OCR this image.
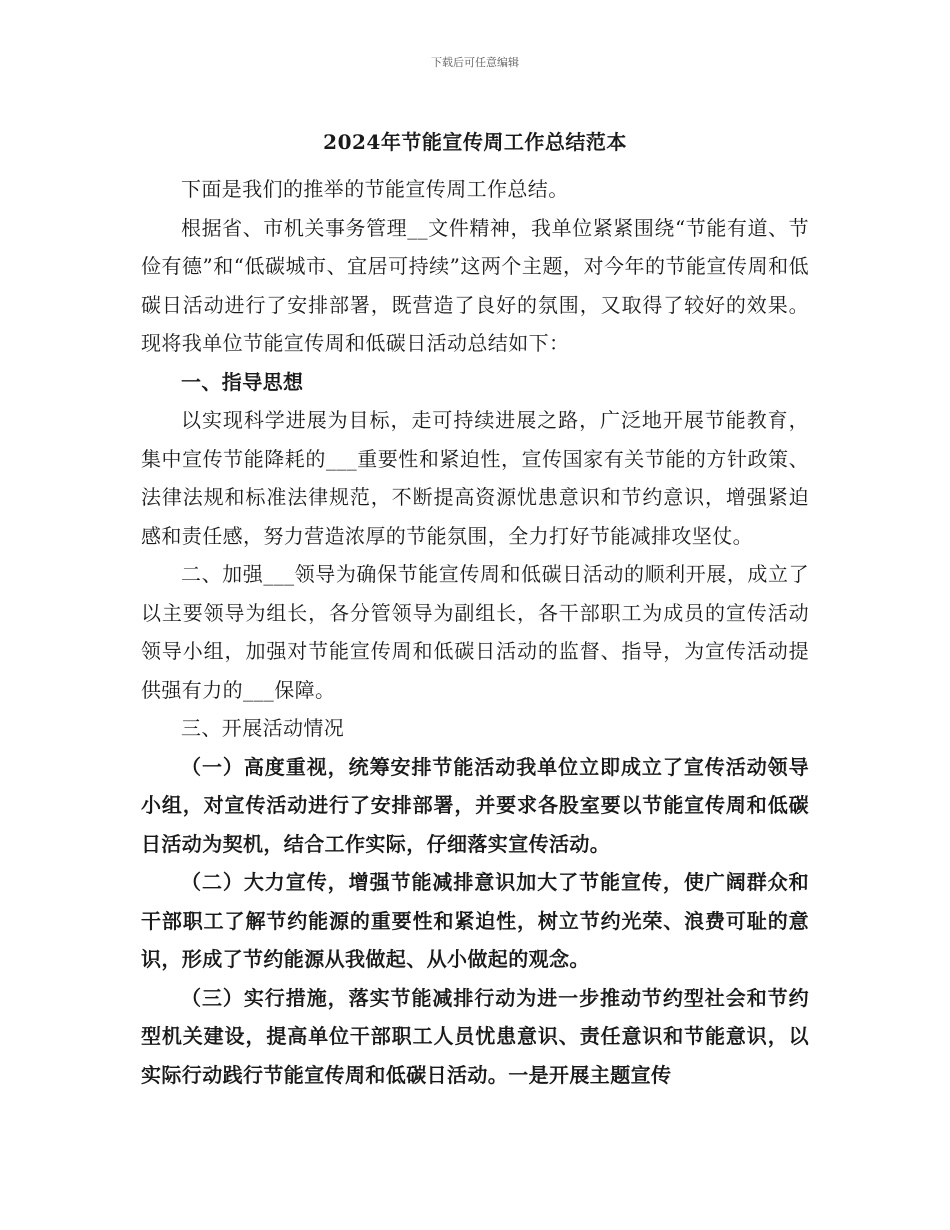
下载后可任意编辑
2024年节能宣传周工作总结范本

下面是我们的推举的节能宣传周工作总结。

根据省、市机关事务管理__文件精神，我单位紧紧围绕“节能有道、节俭有德”和“低碳城市、宜居可持续”这两个主题，对今年的节能宣传周和低碳日活动进行了安排部署，既营造了良好的氛围，又取得了较好的效果。现将我单位节能宣传周和低碳日活动总结如下：

一、指导思想

以实现科学进展为目标，走可持续进展之路，广泛地开展节能教育，集中宣传节能降耗的___重要性和紧迫性，宣传国家有关节能的方针政策、法律法规和标准法律规范，不断提高资源忧患意识和节约意识，增强紧迫感和责任感，努力营造浓厚的节能氛围，全力打好节能减排攻坚仗。

二、加强___领导为确保节能宣传周和低碳日活动的顺利开展，成立了以主要领导为组长，各分管领导为副组长，各干部职工为成员的宣传活动领导小组，加强对节能宣传周和低碳日活动的监督、指导，为宣传活动提供强有力的___保障。

三、开展活动情况

（一）高度重视，统筹安排节能活动我单位立即成立了宣传活动领导小组，对宣传活动进行了安排部署，并要求各股室要以节能宣传周和低碳日活动为契机，结合工作实际，仔细落实宣传活动。

（二）大力宣传，增强节能减排意识加大了节能宣传，使广阔群众和干部职工了解节约能源的重要性和紧迫性，树立节约光荣、浪费可耻的意识，形成了节约能源从我做起、从小做起的观念。

（三）实行措施，落实节能减排行动为进一步推动节约型社会和节约型机关建设，提高单位干部职工人员忧患意识、责任意识和节能意识，以实际行动践行节能宣传周和低碳日活动。一是开展主题宣传
